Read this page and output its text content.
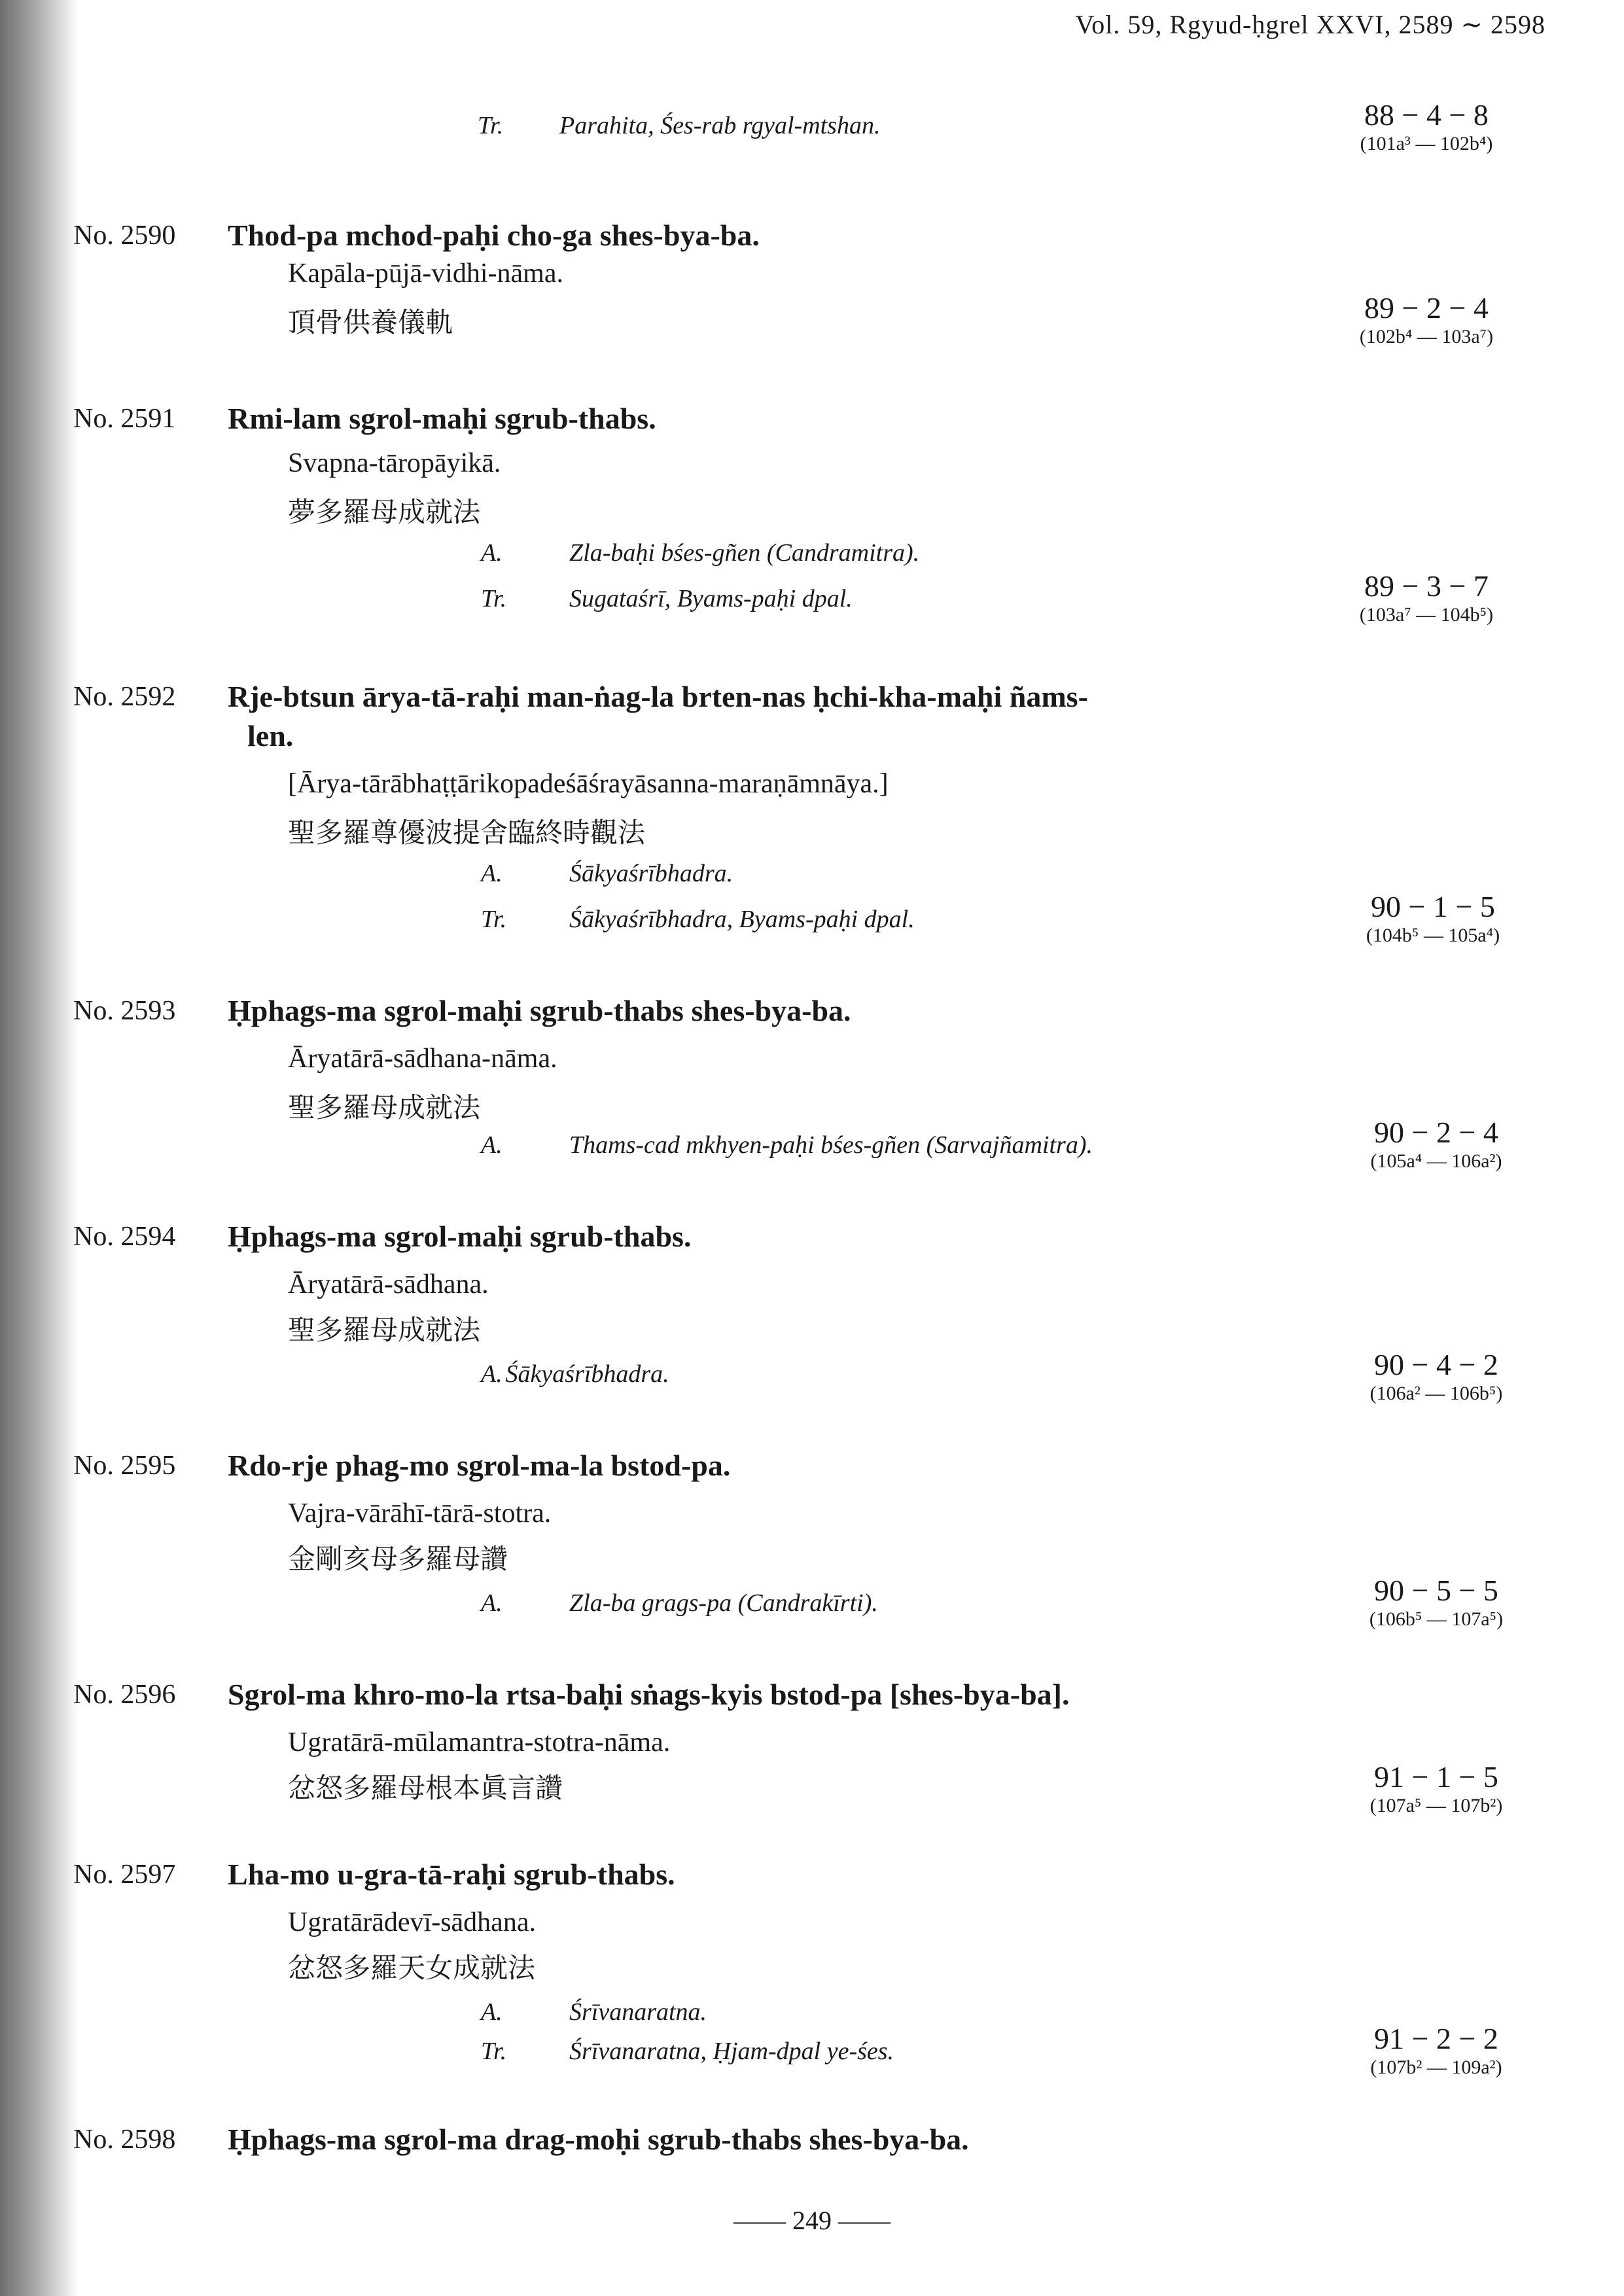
Vol. 59, Rgyud-ḥgrel XXVI, 2589 ∼ 2598
Tr. Parahita, Śes-rab rgyal-mtshan.	88 − 4 − 8
(101a³ — 102b⁴)
No. 2590 Thod-pa mchod-paḥi cho-ga shes-bya-ba.
Kapāla-pūjā-vidhi-nāma.
頂骨供養儀軌	89 − 2 − 4
(102b⁴ — 103a⁷)
No. 2591 Rmi-lam sgrol-maḥi sgrub-thabs.
Svapna-tāropāyikā.
夢多羅母成就法
A.	Zla-baḥi bśes-gñen (Candramitra).
Tr.	Sugataśrī, Byams-paḥi dpal.	89 − 3 − 7
(103a⁷ — 104b⁵)
No. 2592 Rje-btsun ārya-tā-raḥi man-ṅag-la brten-nas ḥchi-kha-maḥi ñams-
len.
[Ārya-tārābhaṭṭārikopadeśāśrayāsanna-maraṇāmnāya.]
聖多羅尊優波提舍臨終時觀法
A.	Śākyaśrībhadra.
Tr.	Śākyaśrībhadra, Byams-paḥi dpal.	90 − 1 − 5
(104b⁵ — 105a⁴)
No. 2593 Ḥphags-ma sgrol-maḥi sgrub-thabs shes-bya-ba.
Āryatārā-sādhana-nāma.
聖多羅母成就法
A.	Thams-cad mkhyen-paḥi bśes-gñen (Sarvajñamitra).	90 − 2 − 4
(105a⁴ — 106a²)
No. 2594 Ḥphags-ma sgrol-maḥi sgrub-thabs.
Āryatārā-sādhana.
聖多羅母成就法
A. Śākyaśrībhadra.	90 − 4 − 2
(106a² — 106b⁵)
No. 2595 Rdo-rje phag-mo sgrol-ma-la bstod-pa.
Vajra-vārāhī-tārā-stotra.
金剛亥母多羅母讚
A.	Zla-ba grags-pa (Candrakīrti).	90 − 5 − 5
(106b⁵ — 107a⁵)
No. 2596 Sgrol-ma khro-mo-la rtsa-baḥi sṅags-kyis bstod-pa [shes-bya-ba].
Ugratārā-mūlamantra-stotra-nāma.
忿怒多羅母根本眞言讚	91 − 1 − 5
(107a⁵ — 107b²)
No. 2597 Lha-mo u-gra-tā-raḥi sgrub-thabs.
Ugratārādevī-sādhana.
忿怒多羅天女成就法
A.	Śrīvanaratna.
Tr.	Śrīvanaratna, Ḥjam-dpal ye-śes.	91 − 2 − 2
(107b² — 109a²)
No. 2598 Ḥphags-ma sgrol-ma drag-moḥi sgrub-thabs shes-bya-ba.
—— 249 ——
